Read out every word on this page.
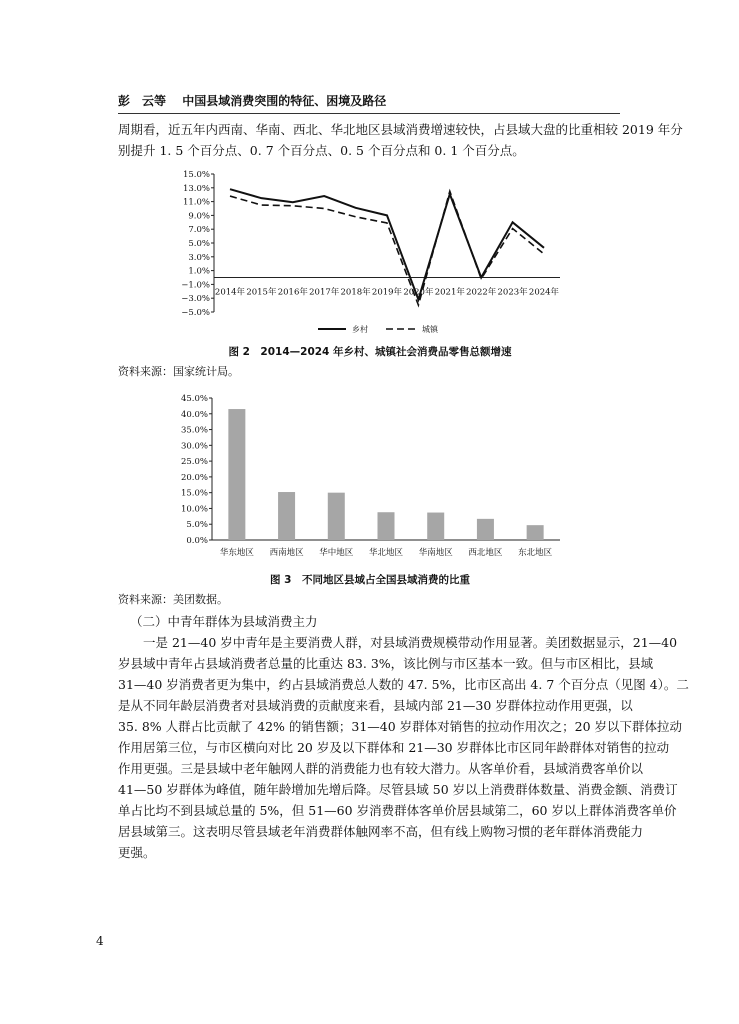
彭　云等 中国县域消费突围的特征、困境及路径
周期看，近五年内西南、华南、西北、华北地区县域消费增速较快，占县域大盘的比重相较 2019 年分
别提升 1. 5 个百分点、0. 7 个百分点、0. 5 个百分点和 0. 1 个百分点。
15.0%
13.0%
11.0%
9.0%
7.0%
5.0%
3.0%
1.0%
−1.0%
−3.0%
−5.0%
2014年 2015年 2016年 2017年 2018年 2019年 2020年 2021年 2022年 2023年 2024年
乡村	城镇
图 2　2014—2024 年乡村、城镇社会消费品零售总额增速
资料来源：国家统计局。
45.0%
40.0%
35.0%
30.0%
25.0%
20.0%
15.0%
10.0%
5.0%
0.0%
华东地区 西南地区 华中地区 华北地区 华南地区 西北地区 东北地区
图 3　不同地区县域占全国县域消费的比重
资料来源：美团数据。
（二）中青年群体为县域消费主力
　　一是 21—40 岁中青年是主要消费人群，对县域消费规模带动作用显著。美团数据显示，21—40
岁县域中青年占县域消费者总量的比重达 83. 3%，该比例与市区基本一致。但与市区相比，县域
31—40 岁消费者更为集中，约占县域消费总人数的 47. 5%，比市区高出 4. 7 个百分点（见图 4）。二
是从不同年龄层消费者对县域消费的贡献度来看，县域内部 21—30 岁群体拉动作用更强，以
35. 8% 人群占比贡献了 42% 的销售额；31—40 岁群体对销售的拉动作用次之；20 岁以下群体拉动
作用居第三位，与市区横向对比 20 岁及以下群体和 21—30 岁群体比市区同年龄群体对销售的拉动
作用更强。三是县域中老年触网人群的消费能力也有较大潜力。从客单价看，县域消费客单价以
41—50 岁群体为峰值，随年龄增加先增后降。尽管县域 50 岁以上消费群体数量、消费金额、消费订
单占比均不到县域总量的 5%，但 51—60 岁消费群体客单价居县域第二，60 岁以上群体消费客单价
居县域第三。这表明尽管县域老年消费群体触网率不高，但有线上购物习惯的老年群体消费能力
更强。
4
